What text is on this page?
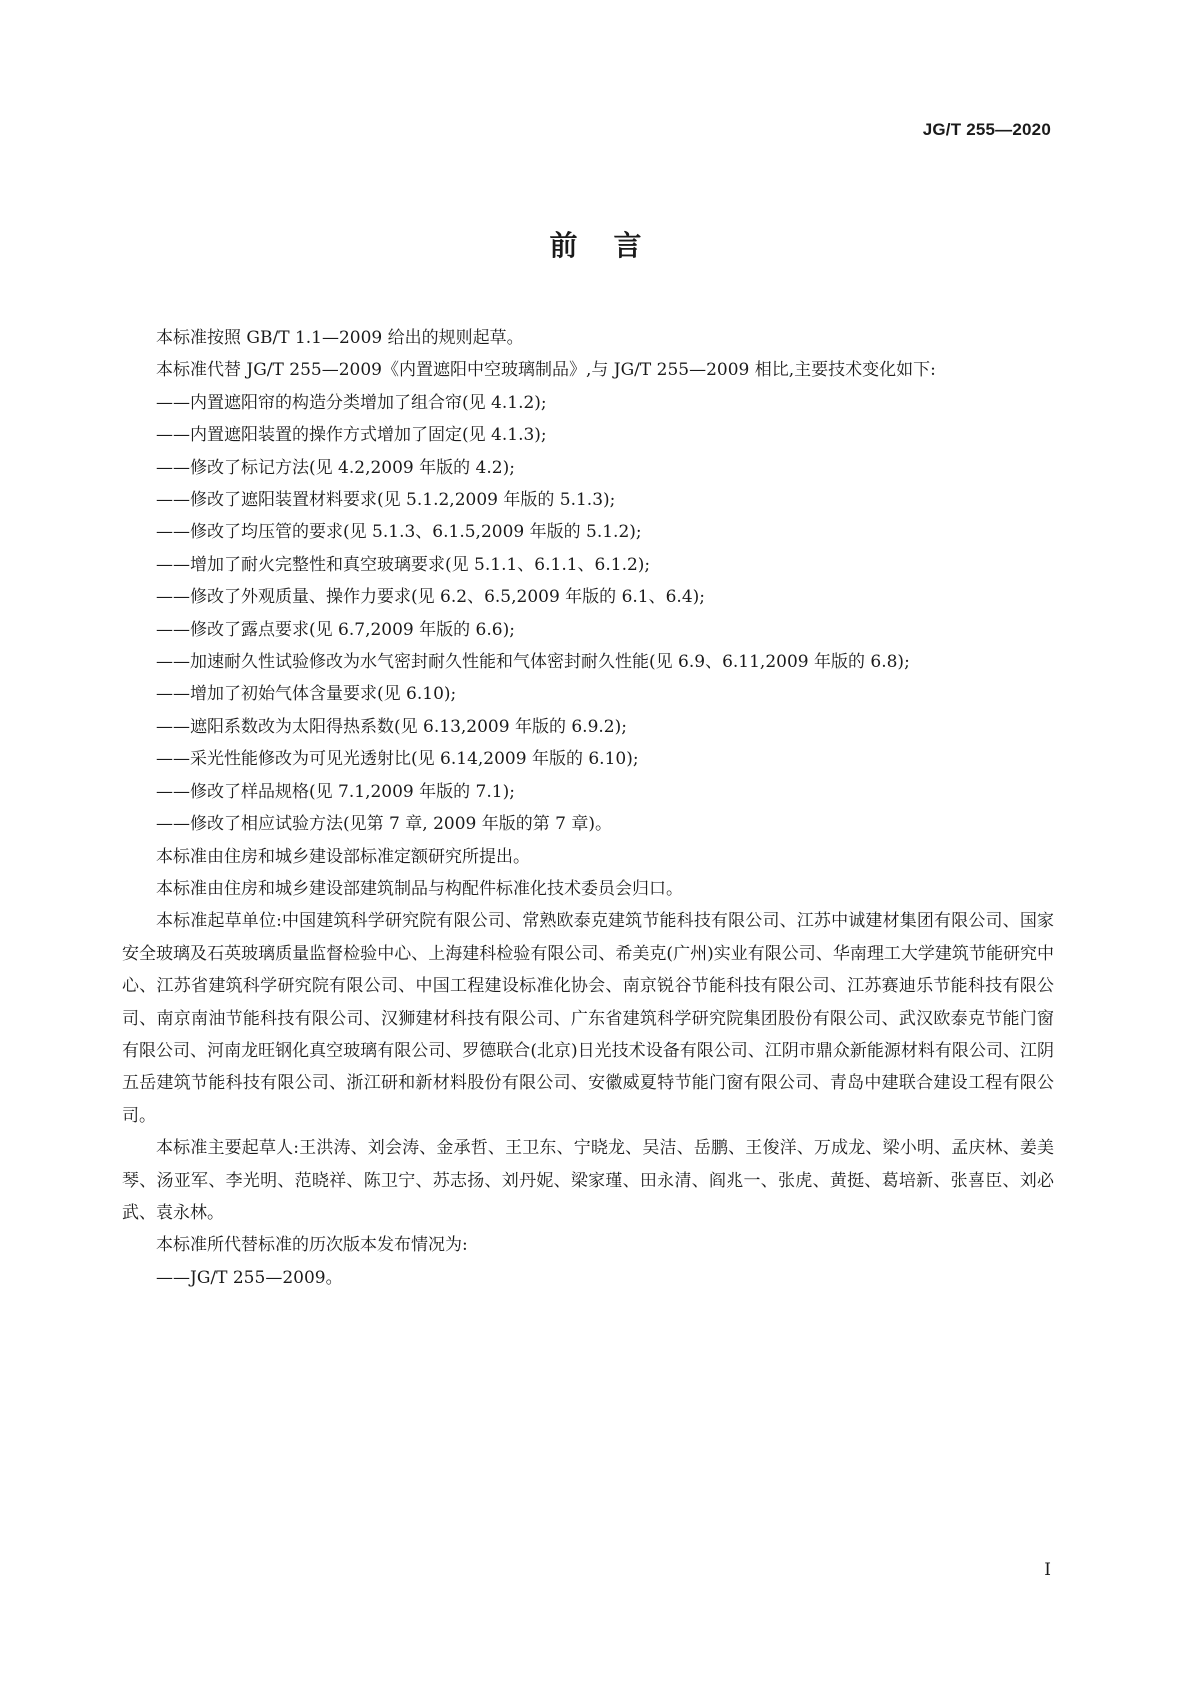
JG/T 255—2020
前言

本标准按照 GB/T 1.1—2009 给出的规则起草。

本标准代替 JG/T 255—2009《内置遮阳中空玻璃制品》,与 JG/T 255—2009 相比,主要技术变化如下:

——内置遮阳帘的构造分类增加了组合帘(见 4.1.2);

——内置遮阳装置的操作方式增加了固定(见 4.1.3);

——修改了标记方法(见 4.2,2009 年版的 4.2);

——修改了遮阳装置材料要求(见 5.1.2,2009 年版的 5.1.3);

——修改了均压管的要求(见 5.1.3、6.1.5,2009 年版的 5.1.2);

——增加了耐火完整性和真空玻璃要求(见 5.1.1、6.1.1、6.1.2);

——修改了外观质量、操作力要求(见 6.2、6.5,2009 年版的 6.1、6.4);

——修改了露点要求(见 6.7,2009 年版的 6.6);

——加速耐久性试验修改为水气密封耐久性能和气体密封耐久性能(见 6.9、6.11,2009 年版的 6.8);

——增加了初始气体含量要求(见 6.10);

——遮阳系数改为太阳得热系数(见 6.13,2009 年版的 6.9.2);

——采光性能修改为可见光透射比(见 6.14,2009 年版的 6.10);

——修改了样品规格(见 7.1,2009 年版的 7.1);

——修改了相应试验方法(见第 7 章, 2009 年版的第 7 章)。

本标准由住房和城乡建设部标准定额研究所提出。

本标准由住房和城乡建设部建筑制品与构配件标准化技术委员会归口。

本标准起草单位:中国建筑科学研究院有限公司、常熟欧泰克建筑节能科技有限公司、江苏中诚建材集团有限公司、国家安全玻璃及石英玻璃质量监督检验中心、上海建科检验有限公司、希美克(广州)实业有限公司、华南理工大学建筑节能研究中心、江苏省建筑科学研究院有限公司、中国工程建设标准化协会、南京锐谷节能科技有限公司、江苏赛迪乐节能科技有限公司、南京南油节能科技有限公司、汉狮建材科技有限公司、广东省建筑科学研究院集团股份有限公司、武汉欧泰克节能门窗有限公司、河南龙旺钢化真空玻璃有限公司、罗德联合(北京)日光技术设备有限公司、江阴市鼎众新能源材料有限公司、江阴五岳建筑节能科技有限公司、浙江研和新材料股份有限公司、安徽威夏特节能门窗有限公司、青岛中建联合建设工程有限公司。

本标准主要起草人:王洪涛、刘会涛、金承哲、王卫东、宁晓龙、吴洁、岳鹏、王俊洋、万成龙、梁小明、孟庆林、姜美琴、汤亚军、李光明、范晓祥、陈卫宁、苏志扬、刘丹妮、梁家瑾、田永清、阎兆一、张虎、黄挺、葛培新、张喜臣、刘必武、袁永林。

本标准所代替标准的历次版本发布情况为:

——JG/T 255—2009。

I
